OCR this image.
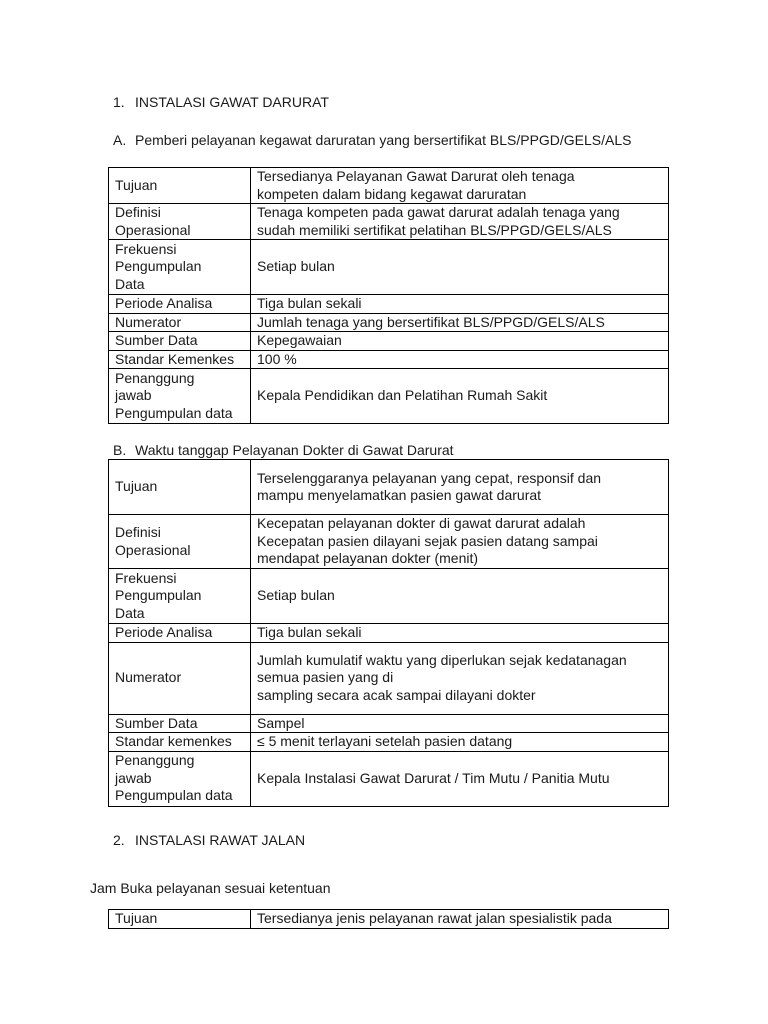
1. INSTALASI GAWAT DARURAT
A. Pemberi pelayanan kegawat daruratan yang bersertifikat BLS/PPGD/GELS/ALS
Tujuan	Tersedianya Pelayanan Gawat Darurat oleh tenaga
kompeten dalam bidang kegawat daruratan
Definisi
Operasional	Tenaga kompeten pada gawat darurat adalah tenaga yang
sudah memiliki sertifikat pelatihan BLS/PPGD/GELS/ALS
Frekuensi
Pengumpulan
Data	Setiap bulan
Periode Analisa	Tiga bulan sekali
Numerator	Jumlah tenaga yang bersertifikat BLS/PPGD/GELS/ALS
Sumber Data	Kepegawaian
Standar Kemenkes	100 %
Penanggung
jawab
Pengumpulan data	Kepala Pendidikan dan Pelatihan Rumah Sakit
B. Waktu tanggap Pelayanan Dokter di Gawat Darurat
Tujuan	Terselenggaranya pelayanan yang cepat, responsif dan
mampu menyelamatkan pasien gawat darurat

Definisi
Operasional	Kecepatan pelayanan dokter di gawat darurat adalah
Kecepatan pasien dilayani sejak pasien datang sampai
mendapat pelayanan dokter (menit)
Frekuensi
Pengumpulan
Data	Setiap bulan
Periode Analisa	Tiga bulan sekali
Numerator	Jumlah kumulatif waktu yang diperlukan sejak kedatanagan
semua pasien yang di
sampling secara acak sampai dilayani dokter

Sumber Data	Sampel
Standar kemenkes	≤ 5 menit terlayani setelah pasien datang
Penanggung
jawab
Pengumpulan data	Kepala Instalasi Gawat Darurat / Tim Mutu / Panitia Mutu
2. INSTALASI RAWAT JALAN
Jam Buka pelayanan sesuai ketentuan
Tujuan	Tersedianya jenis pelayanan rawat jalan spesialistik pada
